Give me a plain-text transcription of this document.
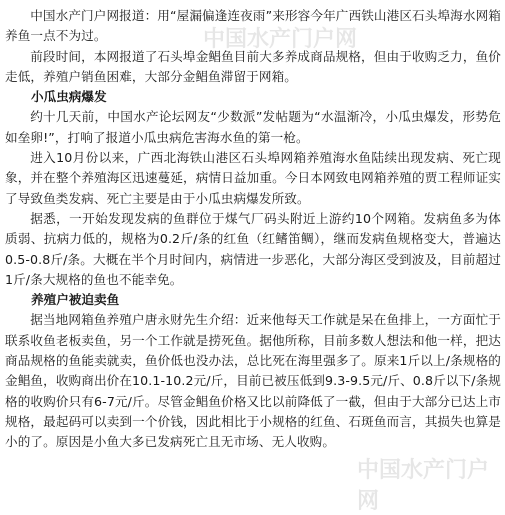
中国水产门户网报道：用“屋漏偏逢连夜雨”来形容今年广西铁山港区石头埠海水网箱养鱼一点不为过。

前段时间，本网报道了石头埠金鲳鱼目前大多养成商品规格，但由于收购乏力，鱼价走低，养殖户销鱼困难，大部分金鲳鱼滞留于网箱。

小瓜虫病爆发

约十几天前，中国水产论坛网友“少数派”发帖题为“水温渐冷，小瓜虫爆发，形势危如垒卵!”，打响了报道小瓜虫病危害海水鱼的第一枪。

进入10月份以来，广西北海铁山港区石头埠网箱养殖海水鱼陆续出现发病、死亡现象，并在整个养殖海区迅速蔓延，病情日益加重。今日本网致电网箱养殖的贾工程师证实了导致鱼类发病、死亡主要是由于小瓜虫病爆发所致。

据悉，一开始发现发病的鱼群位于煤气厂码头附近上游约10个网箱。发病鱼多为体质弱、抗病力低的，规格为0.2斤/条的红鱼（红鳍笛鲷），继而发病鱼规格变大，普遍达0.5-0.8斤/条。大概在半个月时间内，病情进一步恶化，大部分海区受到波及，目前超过1斤/条大规格的鱼也不能幸免。

养殖户被迫卖鱼

据当地网箱鱼养殖户唐永财先生介绍：近来他每天工作就是呆在鱼排上，一方面忙于联系收鱼老板卖鱼，另一个工作就是捞死鱼。据他所称，目前多数人想法和他一样，把达商品规格的鱼能卖就卖，鱼价低也没办法，总比死在海里强多了。原来1斤以上/条规格的金鲳鱼，收购商出价在10.1-10.2元/斤，目前已被压低到9.3-9.5元/斤、0.8斤以下/条规格的收购价只有6-7元/斤。尽管金鲳鱼价格又比以前降低了一截，但由于大部分已达上市规格，最起码可以卖到一个价钱，因此相比于小规格的红鱼、石斑鱼而言，其损失也算是小的了。原因是小鱼大多已发病死亡且无市场、无人收购。

中国水产门户网
中国水产门户网
